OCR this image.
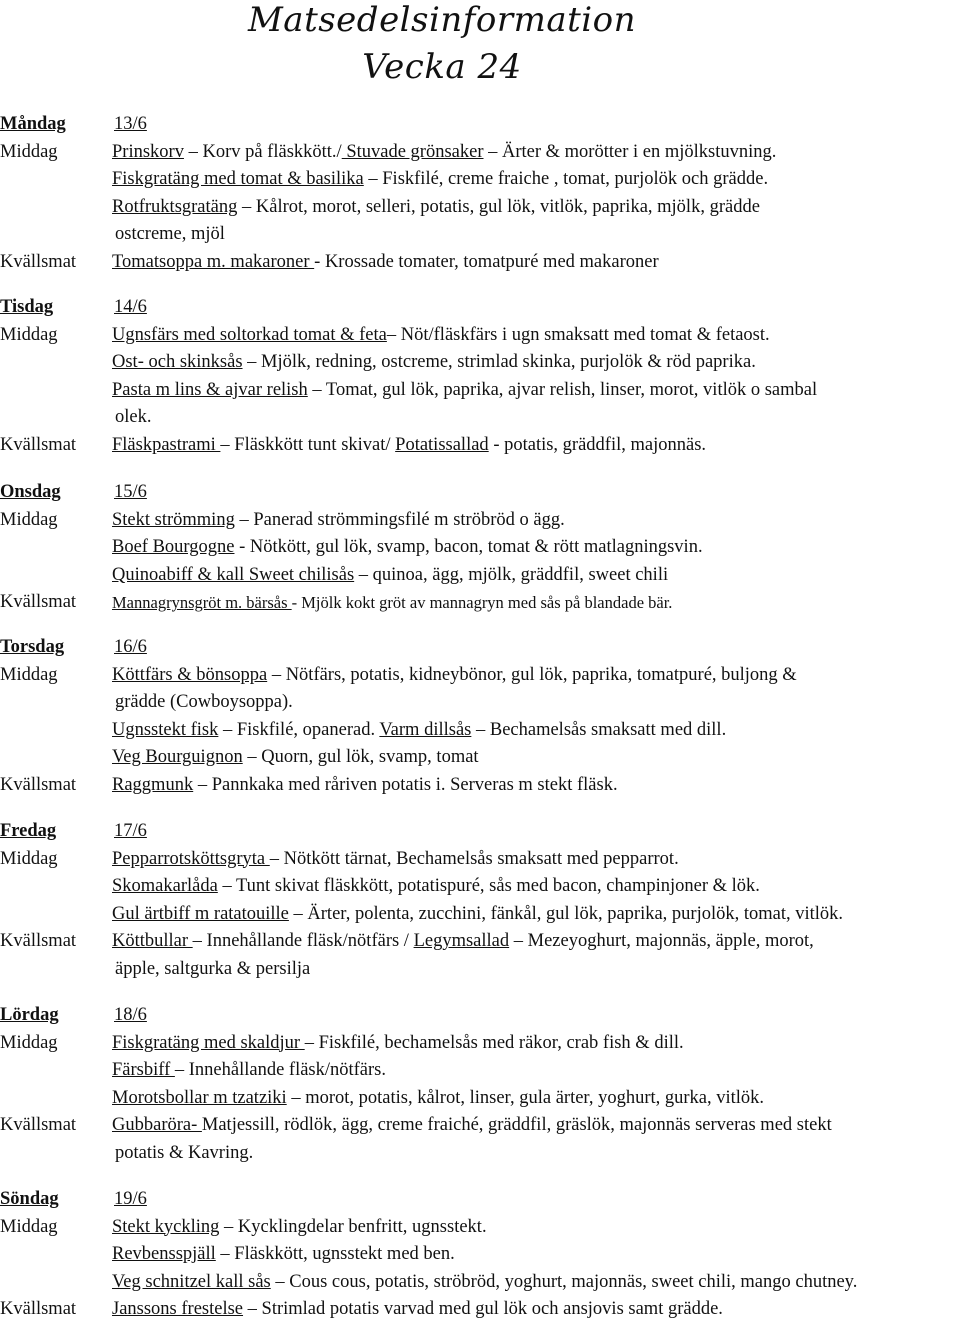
Matsedelsinformation
Vecka 24
Måndag	13/6
Middag	Prinskorv – Korv på fläskkött./ Stuvade grönsaker – Ärter & morötter i en mjölkstuvning.
Fiskgratäng med tomat & basilika – Fiskfilé, creme fraiche , tomat, purjolök och grädde.
Rotfruktsgratäng – Kålrot, morot, selleri, potatis, gul lök, vitlök, paprika, mjölk, grädde
ostcreme, mjöl
Kvällsmat	Tomatsoppa m. makaroner - Krossade tomater, tomatpuré med makaroner
Tisdag	14/6
Middag	Ugnsfärs med soltorkad tomat & feta– Nöt/fläskfärs i ugn smaksatt med tomat & fetaost.
Ost- och skinksås – Mjölk, redning, ostcreme, strimlad skinka, purjolök & röd paprika.
Pasta m lins & ajvar relish – Tomat, gul lök, paprika, ajvar relish, linser, morot, vitlök o sambal
olek.
Kvällsmat	Fläskpastrami – Fläskkött tunt skivat/ Potatissallad - potatis, gräddfil, majonnäs.
Onsdag	15/6
Middag	Stekt strömming – Panerad strömmingsfilé m ströbröd o ägg.
Boef Bourgogne - Nötkött, gul lök, svamp, bacon, tomat & rött matlagningsvin.
Quinoabiff & kall Sweet chilisås – quinoa, ägg, mjölk, gräddfil, sweet chili
Kvällsmat	Mannagrynsgröt m. bärsås - Mjölk kokt gröt av mannagryn med sås på blandade bär.
Torsdag	16/6
Middag	Köttfärs & bönsoppa – Nötfärs, potatis, kidneybönor, gul lök, paprika, tomatpuré, buljong &
grädde (Cowboysoppa).
Ugnsstekt fisk – Fiskfilé, opanerad. Varm dillsås – Bechamelsås smaksatt med dill.
Veg Bourguignon – Quorn, gul lök, svamp, tomat
Kvällsmat	Raggmunk – Pannkaka med råriven potatis i. Serveras m stekt fläsk.
Fredag	17/6
Middag	Pepparrotsköttsgryta – Nötkött tärnat, Bechamelsås smaksatt med pepparrot.
Skomakarlåda – Tunt skivat fläskkött, potatispuré, sås med bacon, champinjoner & lök.
Gul ärtbiff m ratatouille – Ärter, polenta, zucchini, fänkål, gul lök, paprika, purjolök, tomat, vitlök.
Kvällsmat	Köttbullar – Innehållande fläsk/nötfärs / Legymsallad – Mezeyoghurt, majonnäs, äpple, morot,
äpple, saltgurka & persilja
Lördag	18/6
Middag	Fiskgratäng med skaldjur – Fiskfilé, bechamelsås med räkor, crab fish & dill.
Färsbiff – Innehållande fläsk/nötfärs.
Morotsbollar m tzatziki – morot, potatis, kålrot, linser, gula ärter, yoghurt, gurka, vitlök.
Kvällsmat	Gubbaröra- Matjessill, rödlök, ägg, creme fraiché, gräddfil, gräslök, majonnäs serveras med stekt
potatis & Kavring.
Söndag	19/6
Middag	Stekt kyckling – Kycklingdelar benfritt, ugnsstekt.
Revbensspjäll – Fläskkött, ugnsstekt med ben.
Veg schnitzel kall sås – Cous cous, potatis, ströbröd, yoghurt, majonnäs, sweet chili, mango chutney.
Kvällsmat	Janssons frestelse – Strimlad potatis varvad med gul lök och ansjovis samt grädde.
